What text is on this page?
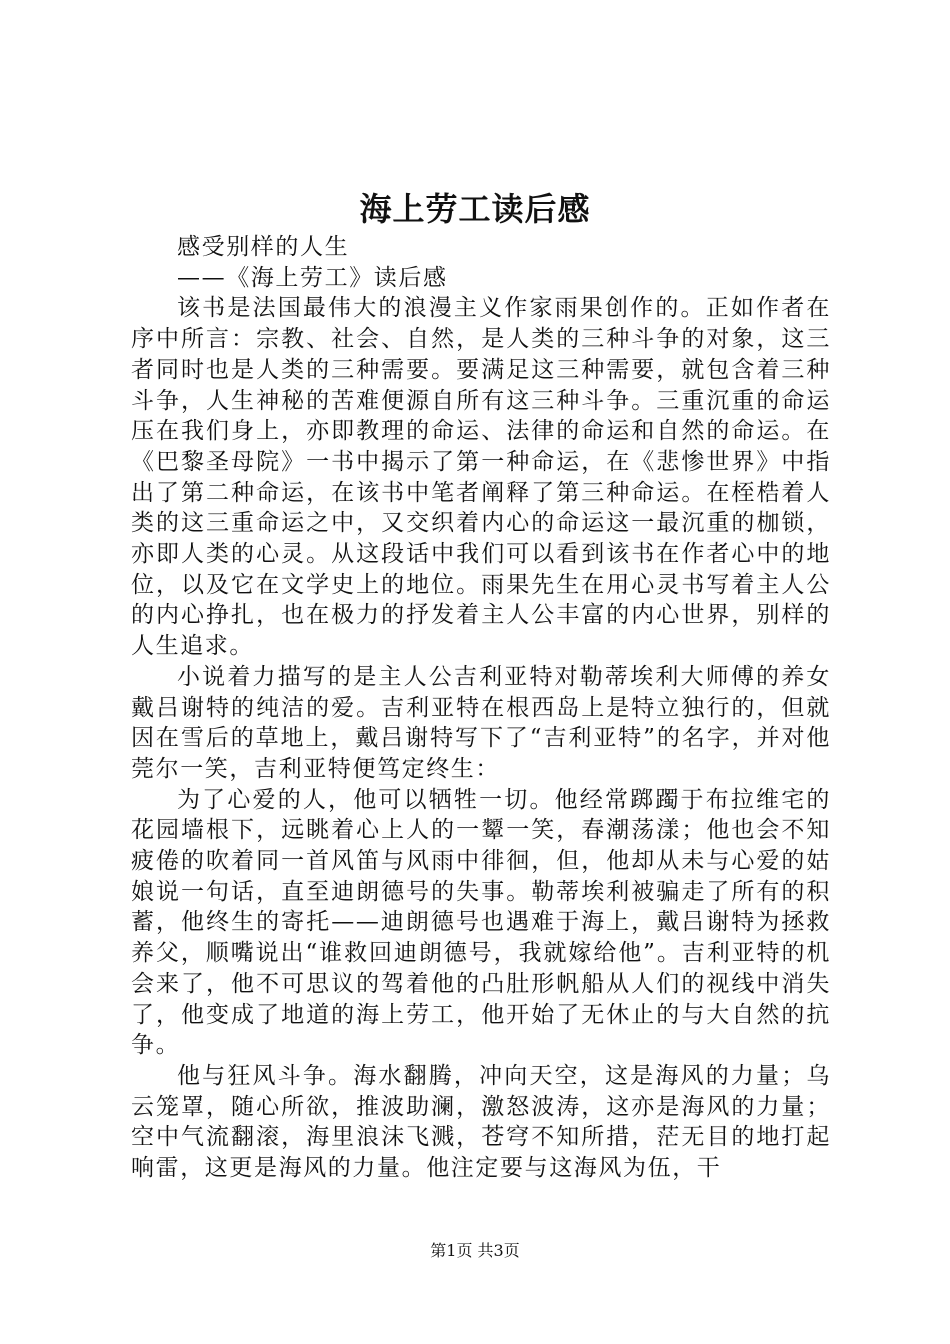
海上劳工读后感

感受别样的人生

——《海上劳工》读后感

该书是法国最伟大的浪漫主义作家雨果创作的。正如作者在序中所言：宗教、社会、自然，是人类的三种斗争的对象，这三者同时也是人类的三种需要。要满足这三种需要，就包含着三种斗争，人生神秘的苦难便源自所有这三种斗争。三重沉重的命运压在我们身上，亦即教理的命运、法律的命运和自然的命运。在《巴黎圣母院》一书中揭示了第一种命运，在《悲惨世界》中指出了第二种命运，在该书中笔者阐释了第三种命运。在桎梏着人类的这三重命运之中，又交织着内心的命运这一最沉重的枷锁，亦即人类的心灵。从这段话中我们可以看到该书在作者心中的地位，以及它在文学史上的地位。雨果先生在用心灵书写着主人公的内心挣扎，也在极力的抒发着主人公丰富的内心世界，别样的人生追求。

小说着力描写的是主人公吉利亚特对勒蒂埃利大师傅的养女戴吕谢特的纯洁的爱。吉利亚特在根西岛上是特立独行的，但就因在雪后的草地上，戴吕谢特写下了“吉利亚特”的名字，并对他莞尔一笑，吉利亚特便笃定终生：

为了心爱的人，他可以牺牲一切。他经常踯躅于布拉维宅的花园墙根下，远眺着心上人的一颦一笑，春潮荡漾；他也会不知疲倦的吹着同一首风笛与风雨中徘徊，但，他却从未与心爱的姑娘说一句话，直至迪朗德号的失事。勒蒂埃利被骗走了所有的积蓄，他终生的寄托——迪朗德号也遇难于海上，戴吕谢特为拯救养父，顺嘴说出“谁救回迪朗德号，我就嫁给他”。吉利亚特的机会来了，他不可思议的驾着他的凸肚形帆船从人们的视线中消失了，他变成了地道的海上劳工，他开始了无休止的与大自然的抗争。

他与狂风斗争。海水翻腾，冲向天空，这是海风的力量；乌云笼罩，随心所欲，推波助澜，激怒波涛，这亦是海风的力量；空中气流翻滚，海里浪沫飞溅，苍穹不知所措，茫无目的地打起响雷，这更是海风的力量。他注定要与这海风为伍，干

第1页 共3页
